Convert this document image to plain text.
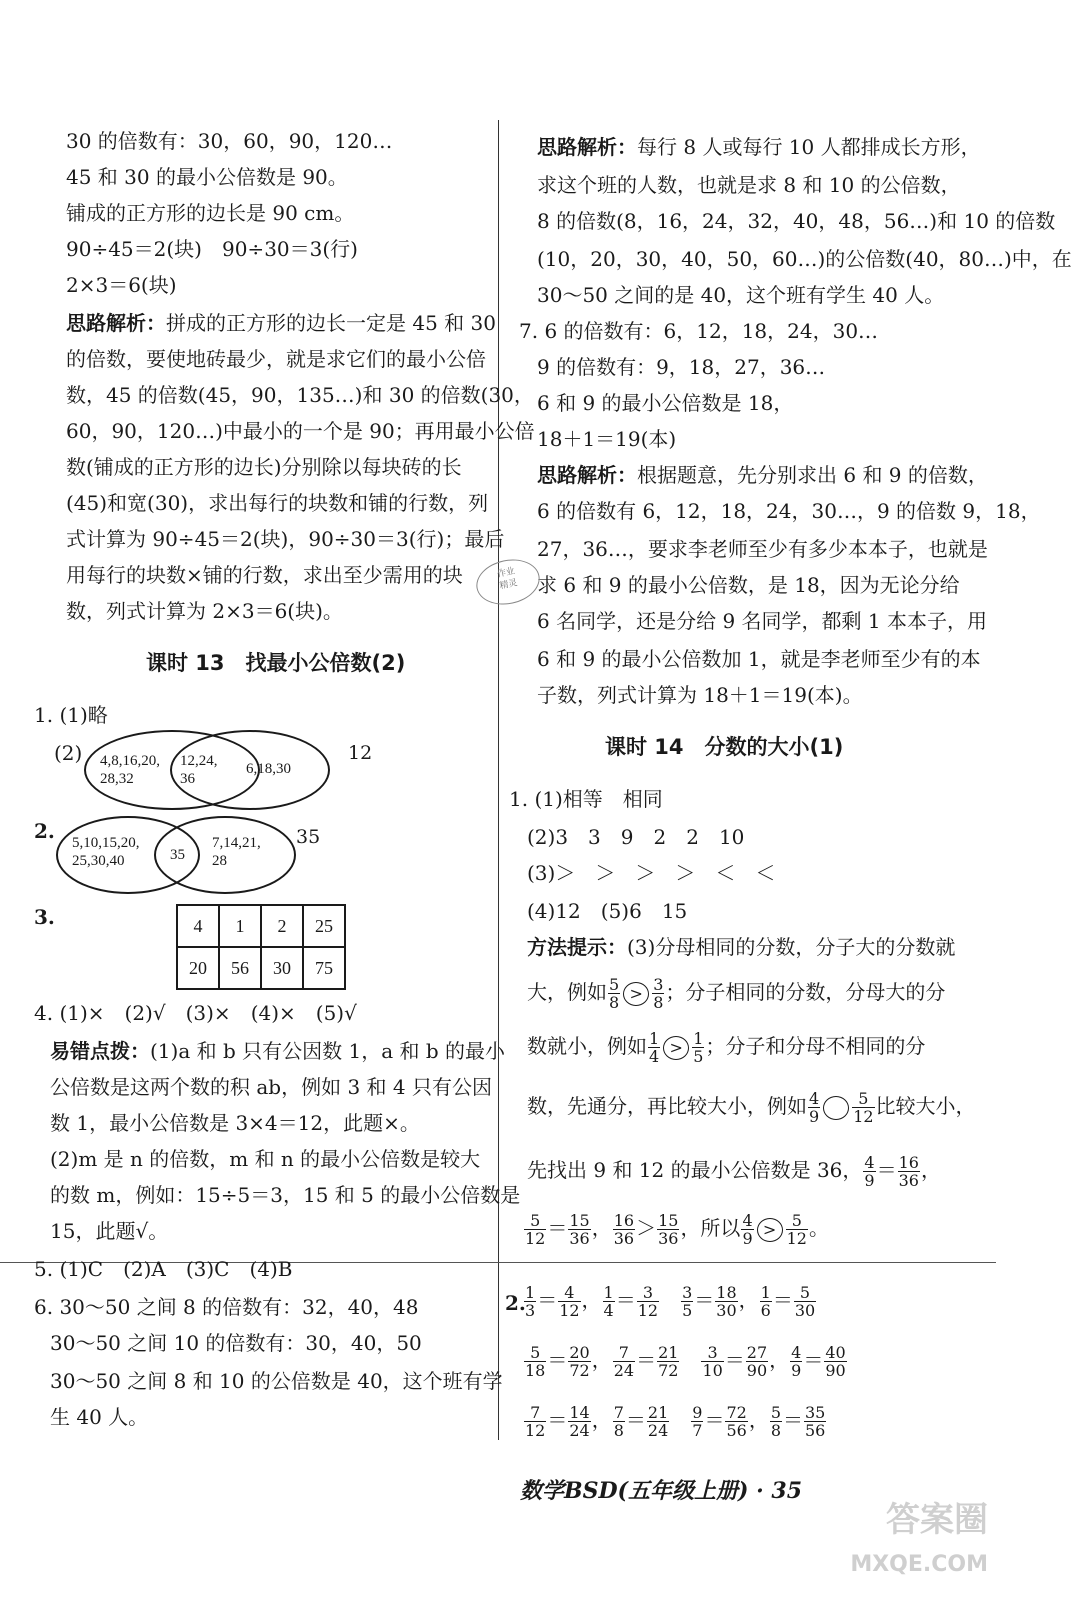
30 的倍数有：30，60，90，120…
45 和 30 的最小公倍数是 90。
铺成的正方形的边长是 90 cm。
90÷45＝2(块)　90÷30＝3(行)
2×3＝6(块)
思路解析：拼成的正方形的边长一定是 45 和 30
的倍数，要使地砖最少，就是求它们的最小公倍
数，45 的倍数(45，90，135…)和 30 的倍数(30，
60，90，120…)中最小的一个是 90；再用最小公倍
数(铺成的正方形的边长)分别除以每块砖的长
(45)和宽(30)，求出每行的块数和铺的行数，列
式计算为 90÷45＝2(块)，90÷30＝3(行)；最后
用每行的块数×铺的行数，求出至少需用的块
数，列式计算为 2×3＝6(块)。
课时 13　找最小公倍数(2)
1. (1)略
(2) 4,8,16,20,
28,32
12,24,
36
6,18,30
12
2. 5,10,15,20,
25,30,40	35
7,14,21,
28
35
3.	4	1	2	25
20	56	30	75
4. (1)×　(2)√　(3)×　(4)×　(5)√
易错点拨：(1)a 和 b 只有公因数 1，a 和 b 的最小
公倍数是这两个数的积 ab，例如 3 和 4 只有公因
数 1，最小公倍数是 3×4＝12，此题×。
(2)m 是 n 的倍数，m 和 n 的最小公倍数是较大
的数 m，例如：15÷5＝3，15 和 5 的最小公倍数是
15，此题√。
5. (1)C　(2)A　(3)C　(4)B
6. 30～50 之间 8 的倍数有：32，40，48
30～50 之间 10 的倍数有：30，40，50
30～50 之间 8 和 10 的公倍数是 40，这个班有学
生 40 人。
思路解析：每行 8 人或每行 10 人都排成长方形，
求这个班的人数，也就是求 8 和 10 的公倍数，
8 的倍数(8，16，24，32，40，48，56…)和 10 的倍数
(10，20，30，40，50，60…)的公倍数(40，80…)中，在
30～50 之间的是 40，这个班有学生 40 人。
7. 6 的倍数有：6，12，18，24，30…
9 的倍数有：9，18，27，36…
6 和 9 的最小公倍数是 18，
18＋1＝19(本)
思路解析：根据题意，先分别求出 6 和 9 的倍数，
6 的倍数有 6，12，18，24，30…，9 的倍数 9，18，
27，36…，要求李老师至少有多少本本子，也就是
求 6 和 9 的最小公倍数，是 18，因为无论分给
6 名同学，还是分给 9 名同学，都剩 1 本本子，用
6 和 9 的最小公倍数加 1，就是李老师至少有的本
子数，列式计算为 18＋1＝19(本)。
课时 14　分数的大小(1)
1. (1)相等　相同
(2)3　3　9　2　2　10
(3)＞　＞　＞　＞　＜　＜
(4)12　(5)6　15
方法提示：(3)分母相同的分数，分子大的分数就
大，例如 $\frac{5}{8} > \frac{3}{8}$ ；分子相同的分数，分母大的分
数就小，例如 $\frac{1}{4} > \frac{1}{5}$ ；分子和分母不相同的分
数，先通分，再比较大小，例如 $\frac{4}{9} \frac{5}{12}$ 比较大小，
先找出 9 和 12 的最小公倍数是 36， $\frac{4}{9} = \frac{16}{36}$ ，
$\frac{5}{12} = \frac{15}{36}$ ， $\frac{16}{36} > \frac{15}{36}$ ，所以 $\frac{4}{9} > \frac{5}{12}$ 。
2.
$\frac{1}{3} = \frac{4}{12}$ ， $\frac{1}{4} = \frac{3}{12}$
　 $\frac{3}{5} = \frac{18}{30}$ ， $\frac{1}{6} = \frac{5}{30}$
$\frac{5}{18} = \frac{20}{72}$ ， $\frac{7}{24} = \frac{21}{72}$
　 $\frac{3}{10} = \frac{27}{90}$ ， $\frac{4}{9} = \frac{40}{90}$
$\frac{7}{12} = \frac{14}{24}$ ， $\frac{7}{8} = \frac{21}{24}$
　 $\frac{9}{7} = \frac{72}{56}$ ， $\frac{5}{8} = \frac{35}{56}$
作业
精灵
数学BSD(五年级上册) · 35
答案圈
MXQE.COM
